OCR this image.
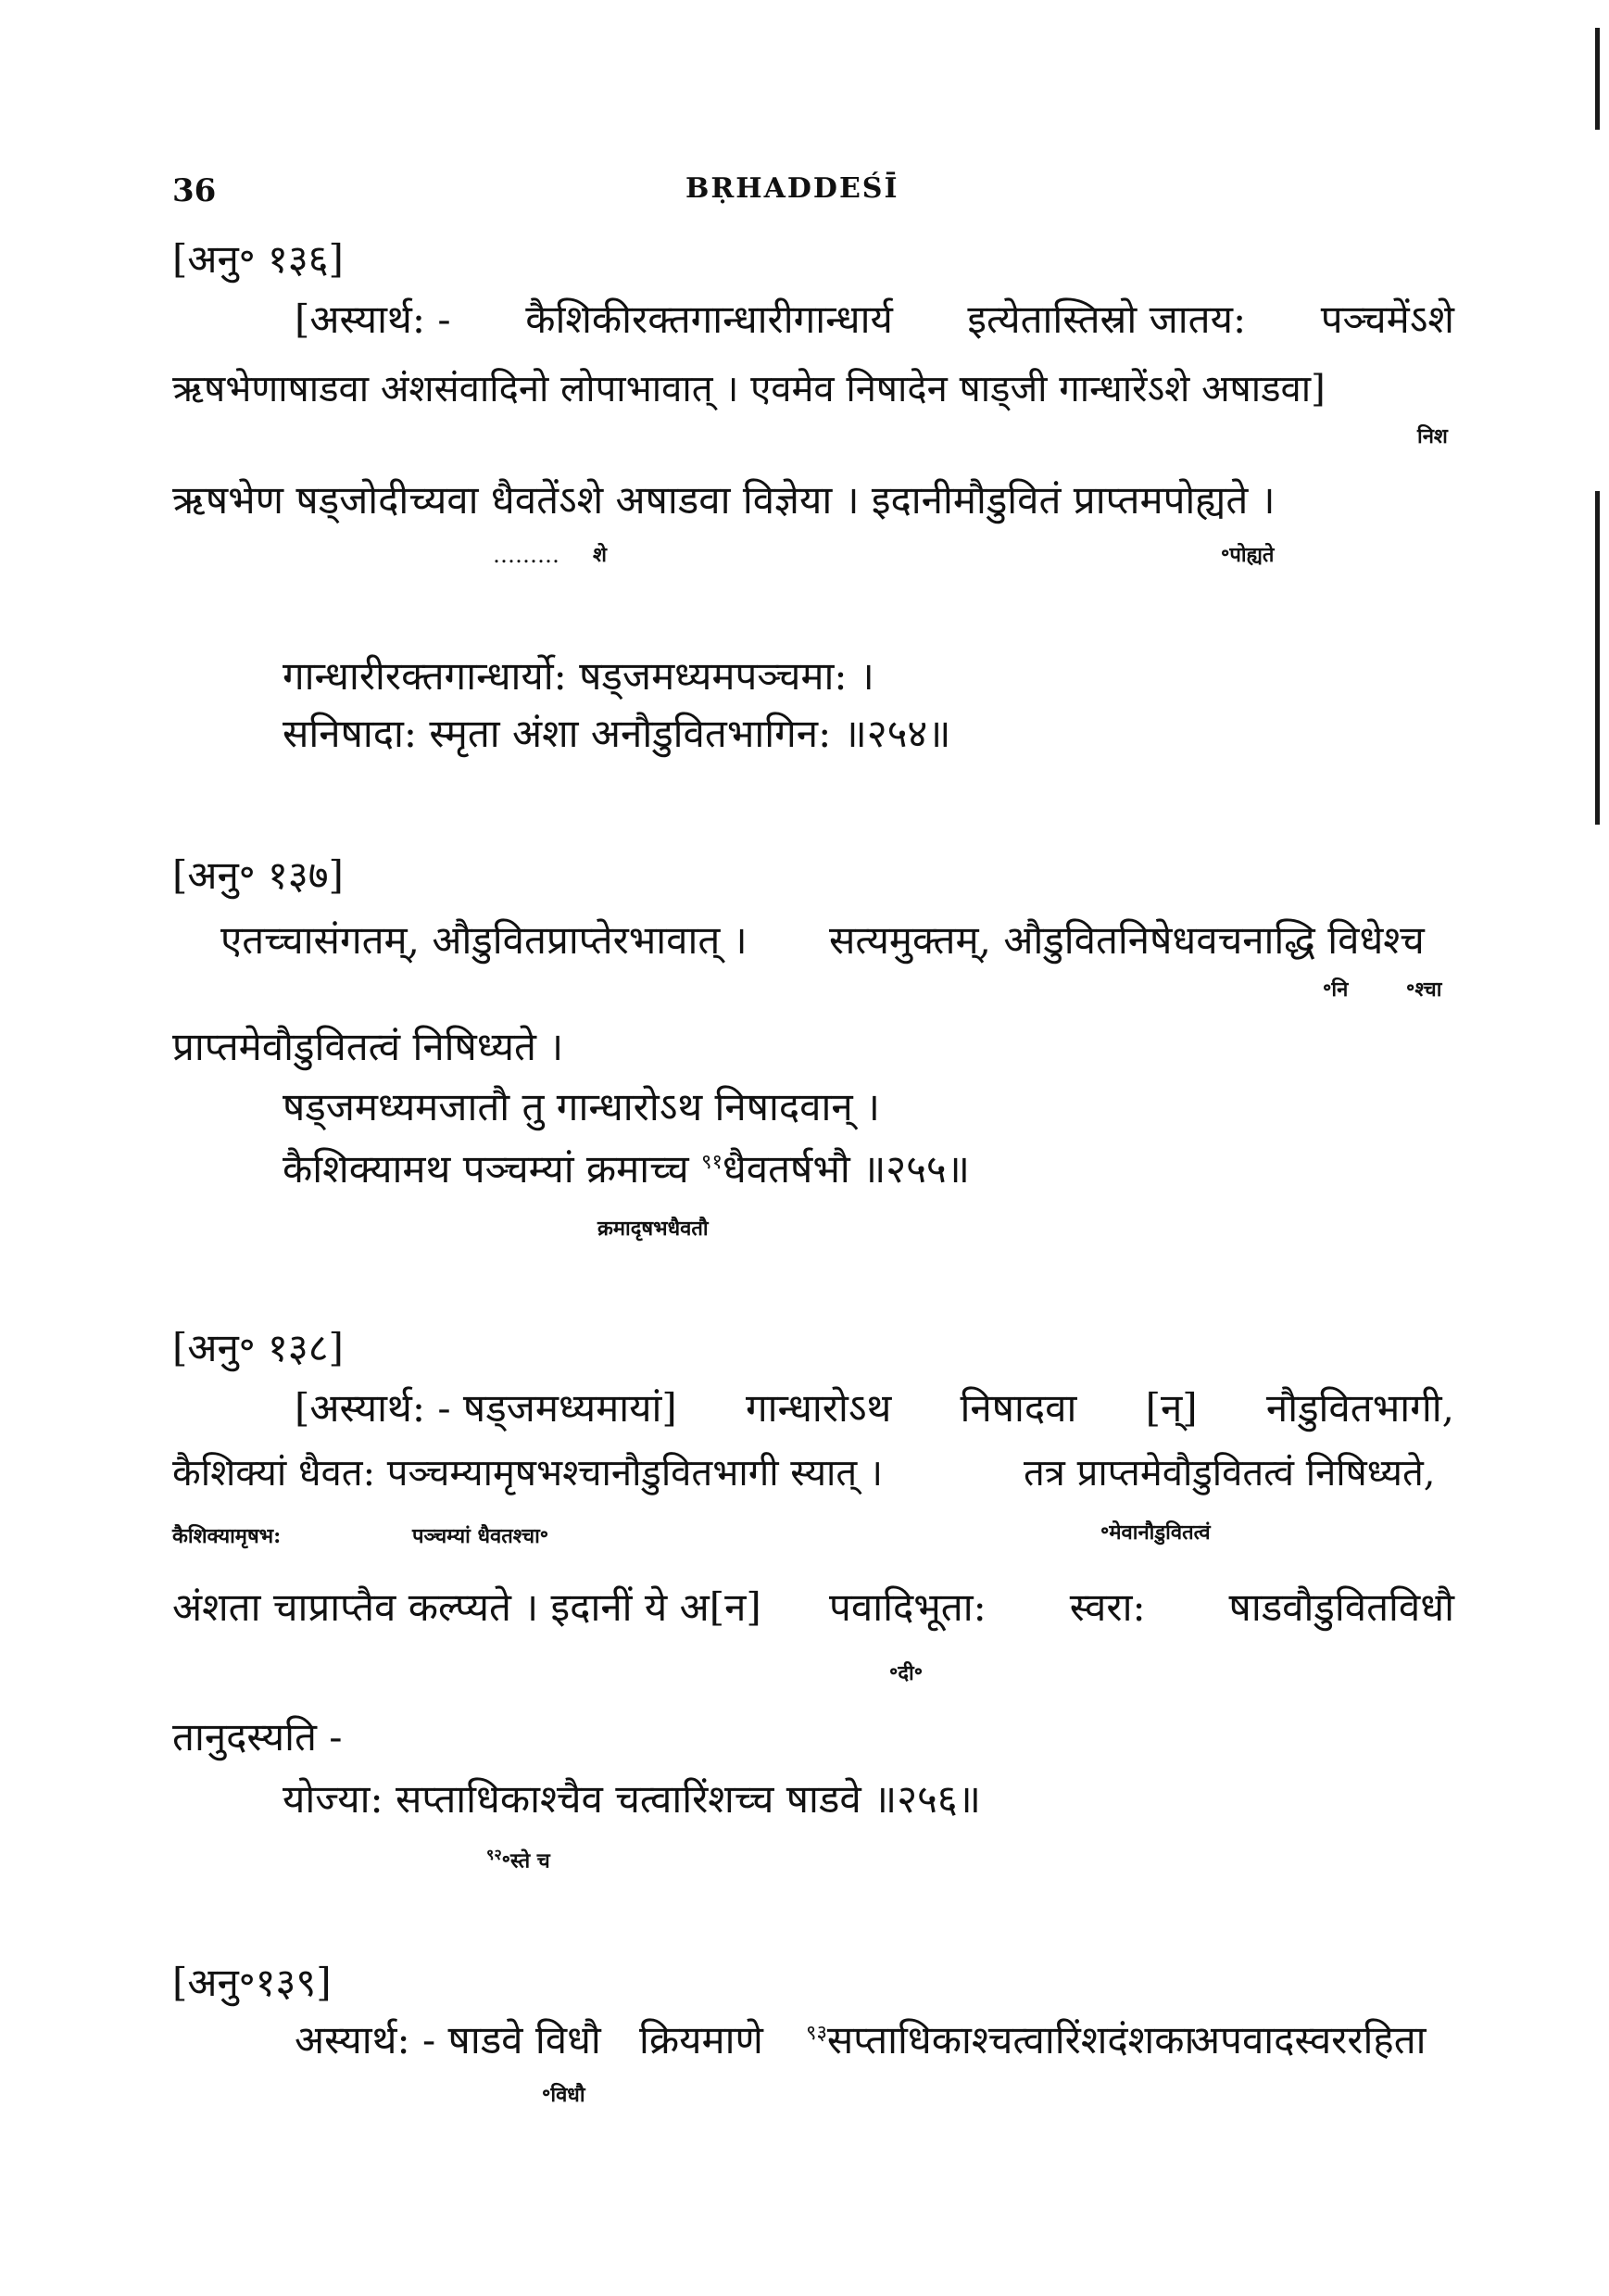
36	BṚHADDEŚĪ
[अनु॰ १३६]
[अस्यार्थ: - कैशिकीरक्तगान्धारीगान्धार्य इत्येतास्तिस्रो जातय: पञ्चमेंऽशे
ऋषभेणाषाडवा अंशसंवादिनो लोपाभावात् । एवमेव निषादेन षाड्जी गान्धारेंऽशे अषाडवा]
निश
ऋषभेण षड्जोदीच्यवा धैवतेंऽशे अषाडवा विज्ञेया । इदानीमौडुवितं प्राप्तमपोह्यते ।
……… शे	॰पोह्यते
गान्धारीरक्तगान्धार्यो: षड्जमध्यमपञ्चमा: ।
सनिषादा: स्मृता अंशा अनौडुवितभागिन: ॥२५४॥
[अनु॰ १३७]
एतच्चासंगतम्, औडुवितप्राप्तेरभावात् । सत्यमुक्तम्, औडुवितनिषेधवचनाद्धि विधेश्च
॰नि	॰श्चा
प्राप्तमेवौडुवितत्वं निषिध्यते ।
षड्जमध्यमजातौ तु गान्धारोऽथ निषादवान् ।
कैशिक्यामथ पञ्चम्यां क्रमाच्च $^{९१}$धैवतर्षभौ ॥२५५॥
क्रमादृषभधैवतौ
[अनु॰ १३८]
[अस्यार्थ: - षड्जमध्यमायां] गान्धारोऽथ निषादवा [न्] नौडुवितभागी,
कैशिक्यां धैवत: पञ्चम्यामृषभश्चानौडुवितभागी स्यात् ।	तत्र प्राप्तमेवौडुवितत्वं निषिध्यते,
कैशिक्यामृषभ:	पञ्चम्यां धैवतश्चा॰	॰मेवानौडुवितत्वं
अंशता चाप्राप्तैव कल्प्यते । इदानीं ये अ[न] पवादिभूता: स्वरा: षाडवौडुवितविधौ
॰दी॰
तानुदस्यति -
योज्या: सप्ताधिकाश्चैव चत्वारिंशच्च षाडवे ॥२५६॥
$^{९२}$॰स्ते च
[अनु॰१३९]
अस्यार्थ: - षाडवे विधौ क्रियमाणे $^{९३}$सप्ताधिकाश्चत्वारिंशदंशका
अपवादस्वररहिता
॰विधौ
